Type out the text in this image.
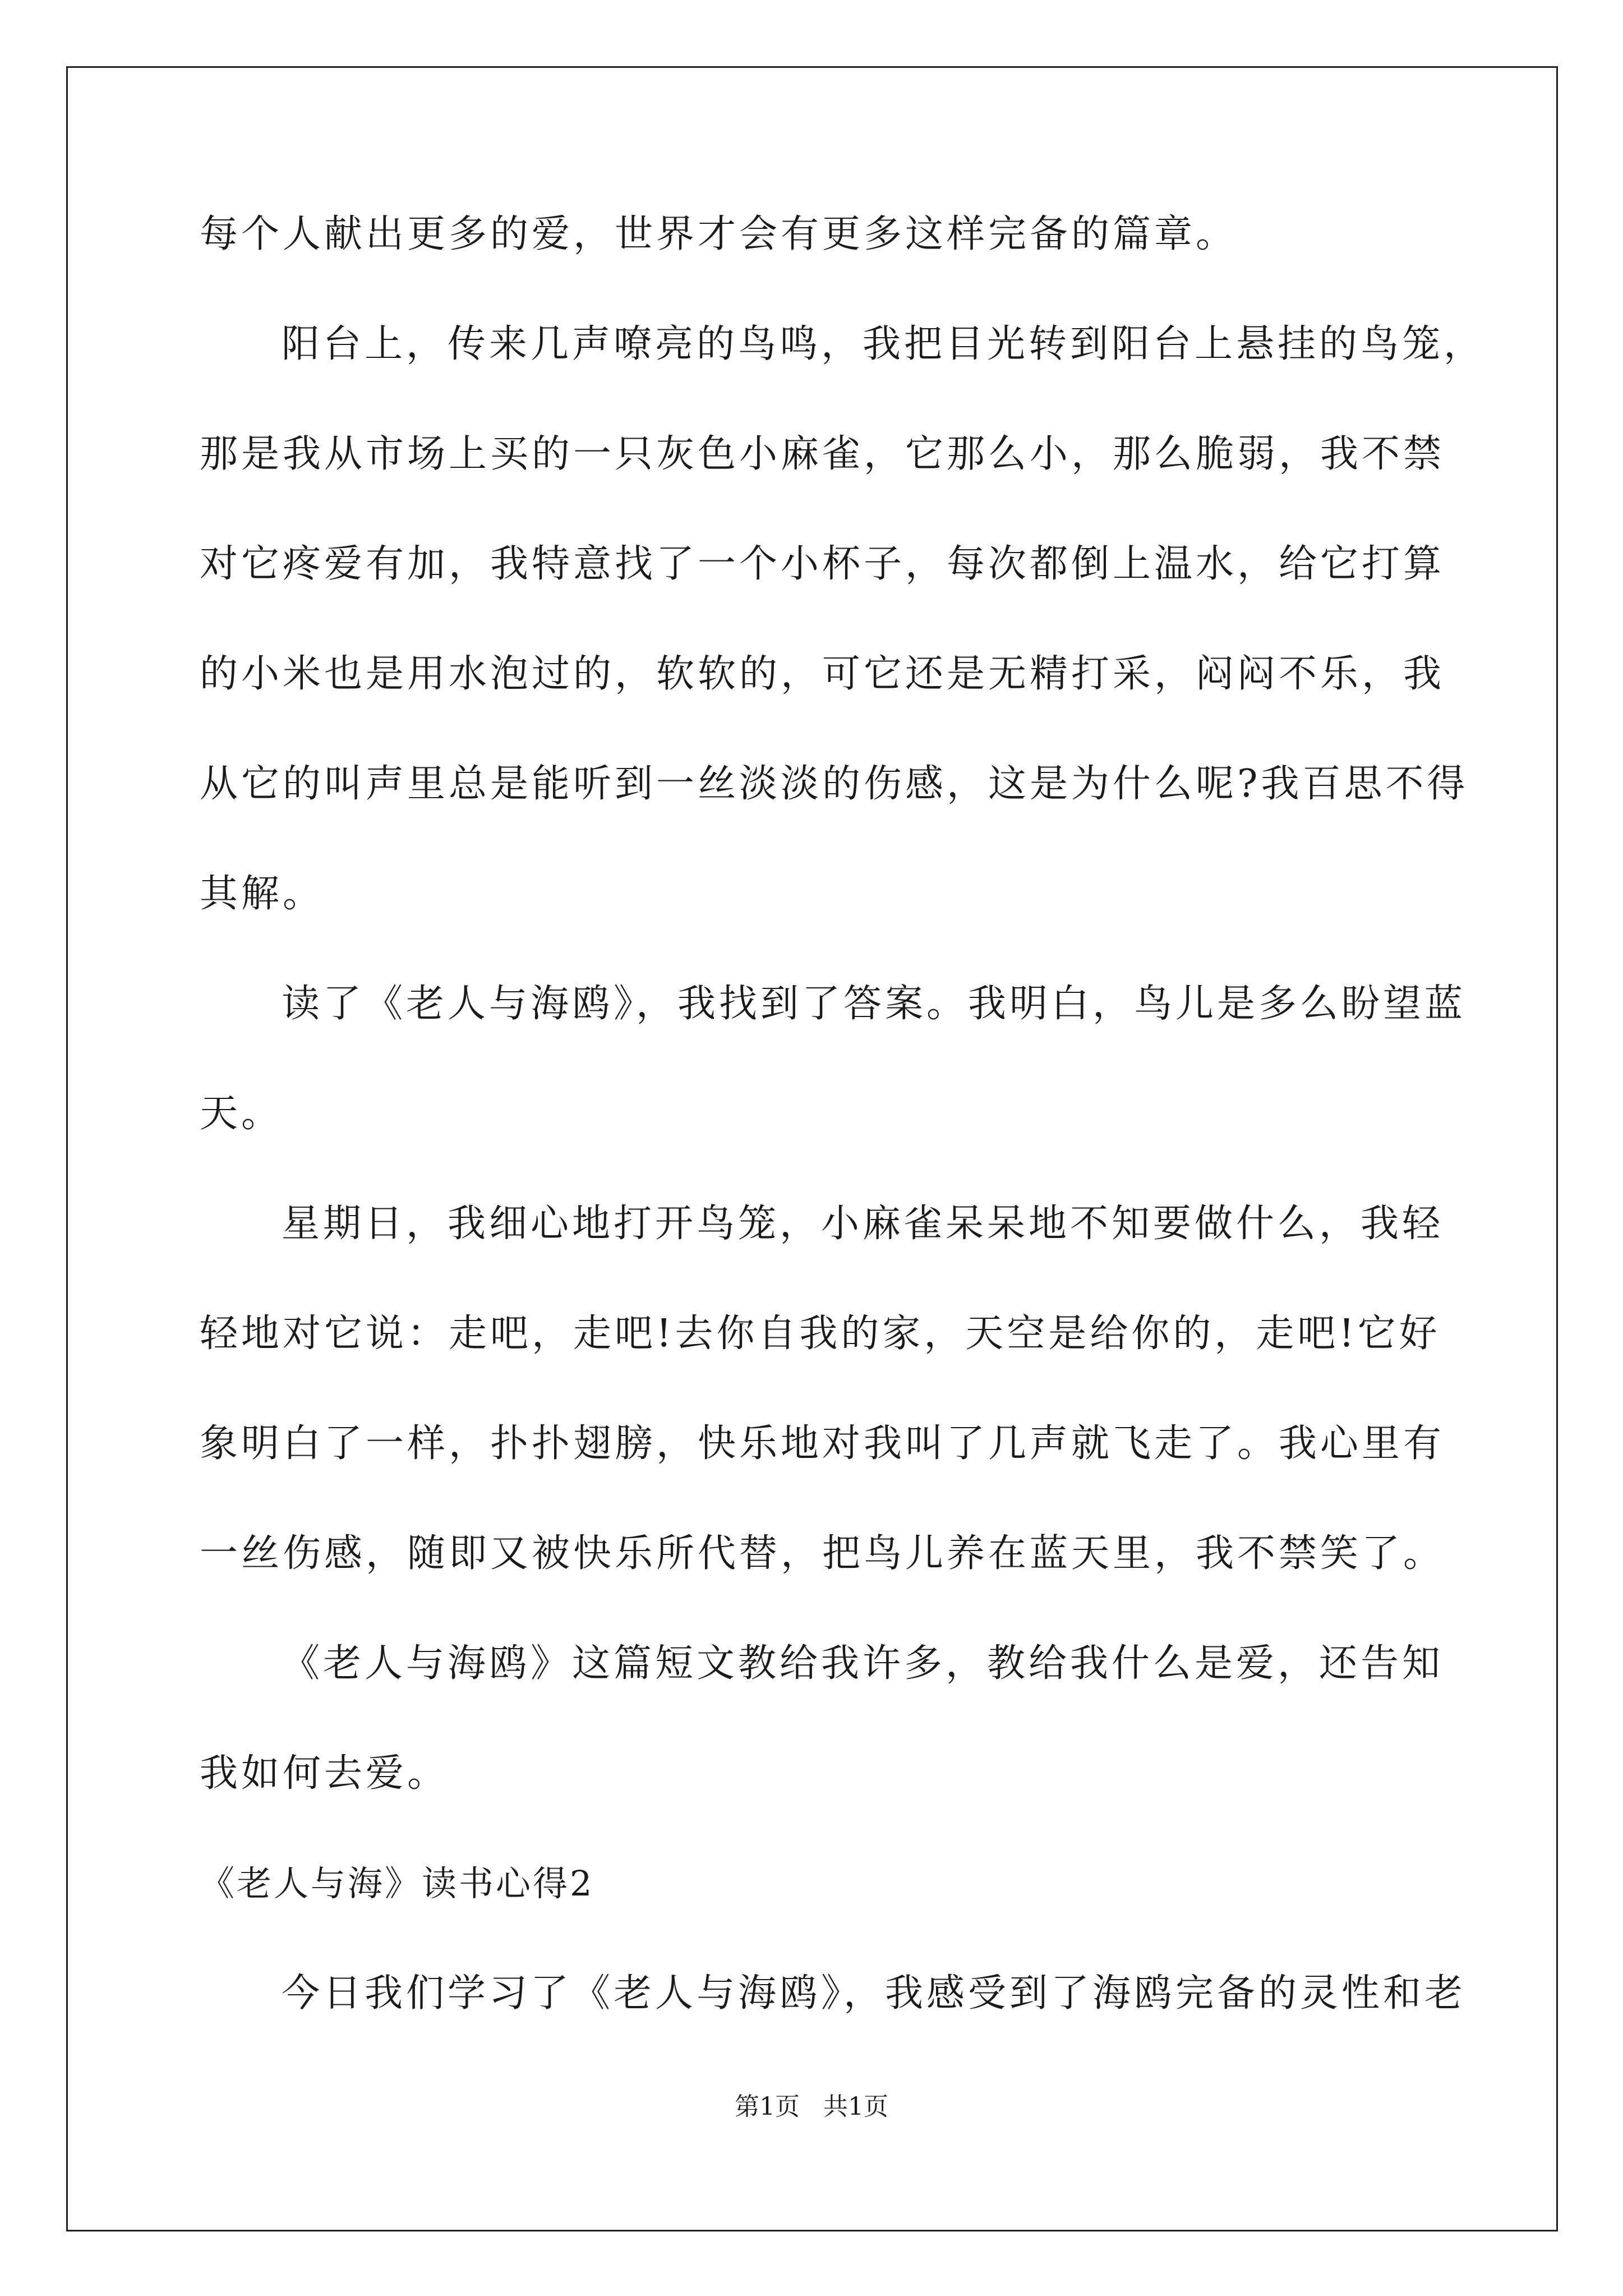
每个人献出更多的爱，世界才会有更多这样完备的篇章。
阳台上，传来几声嘹亮的鸟鸣，我把目光转到阳台上悬挂的鸟笼，
那是我从市场上买的一只灰色小麻雀，它那么小，那么脆弱，我不禁
对它疼爱有加，我特意找了一个小杯子，每次都倒上温水，给它打算
的小米也是用水泡过的，软软的，可它还是无精打采，闷闷不乐，我
从它的叫声里总是能听到一丝淡淡的伤感，这是为什么呢?我百思不得
其解。
读了《老人与海鸥》，我找到了答案。我明白，鸟儿是多么盼望蓝
天。
星期日，我细心地打开鸟笼，小麻雀呆呆地不知要做什么，我轻
轻地对它说：走吧，走吧!去你自我的家，天空是给你的，走吧!它好
象明白了一样，扑扑翅膀，快乐地对我叫了几声就飞走了。我心里有
一丝伤感，随即又被快乐所代替，把鸟儿养在蓝天里，我不禁笑了。
《老人与海鸥》这篇短文教给我许多，教给我什么是爱，还告知
我如何去爱。
《老人与海》读书心得2
今日我们学习了《老人与海鸥》，我感受到了海鸥完备的灵性和老
第1页   共1页
